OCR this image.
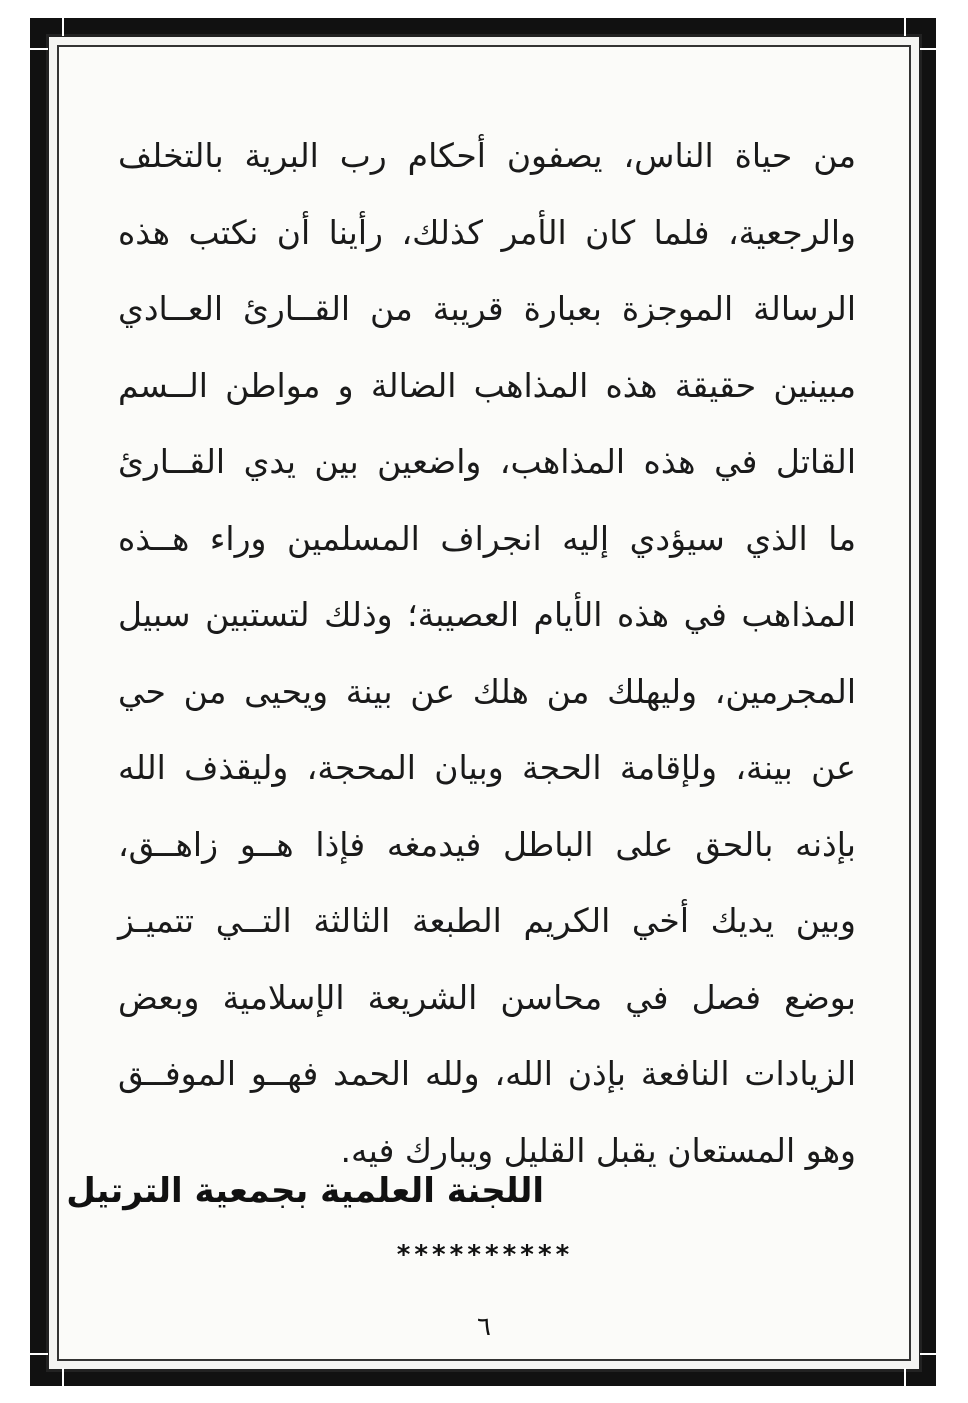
من حياة الناس، يصفون أحكام رب البرية بالتخلف
والرجعية، فلما كان الأمر كذلك، رأينا أن نكتب هذه
الرسالة الموجزة بعبارة قريبة من القــارئ العــادي
مبينين حقيقة هذه المذاهب الضالة و مواطن الــسم
القاتل في هذه المذاهب، واضعين بين يدي القــارئ
ما الذي سيؤدي إليه انجراف المسلمين وراء هــذه
المذاهب في هذه الأيام العصيبة؛ وذلك لتستبين سبيل
المجرمين، وليهلك من هلك عن بينة ويحيى من حي
عن بينة، ولإقامة الحجة وبيان المحجة، وليقذف الله
بإذنه بالحق على الباطل فيدمغه فإذا هــو زاهــق،
وبين يديك أخي الكريم الطبعة الثالثة التــي تتميـز
بوضع فصل في محاسن الشريعة الإسلامية وبعض
الزيادات النافعة بإذن الله، ولله الحمد فهــو الموفــق
وهو المستعان يقبل القليل ويبارك فيه.
اللجنة العلمية بجمعية الترتيل
**********
٦
